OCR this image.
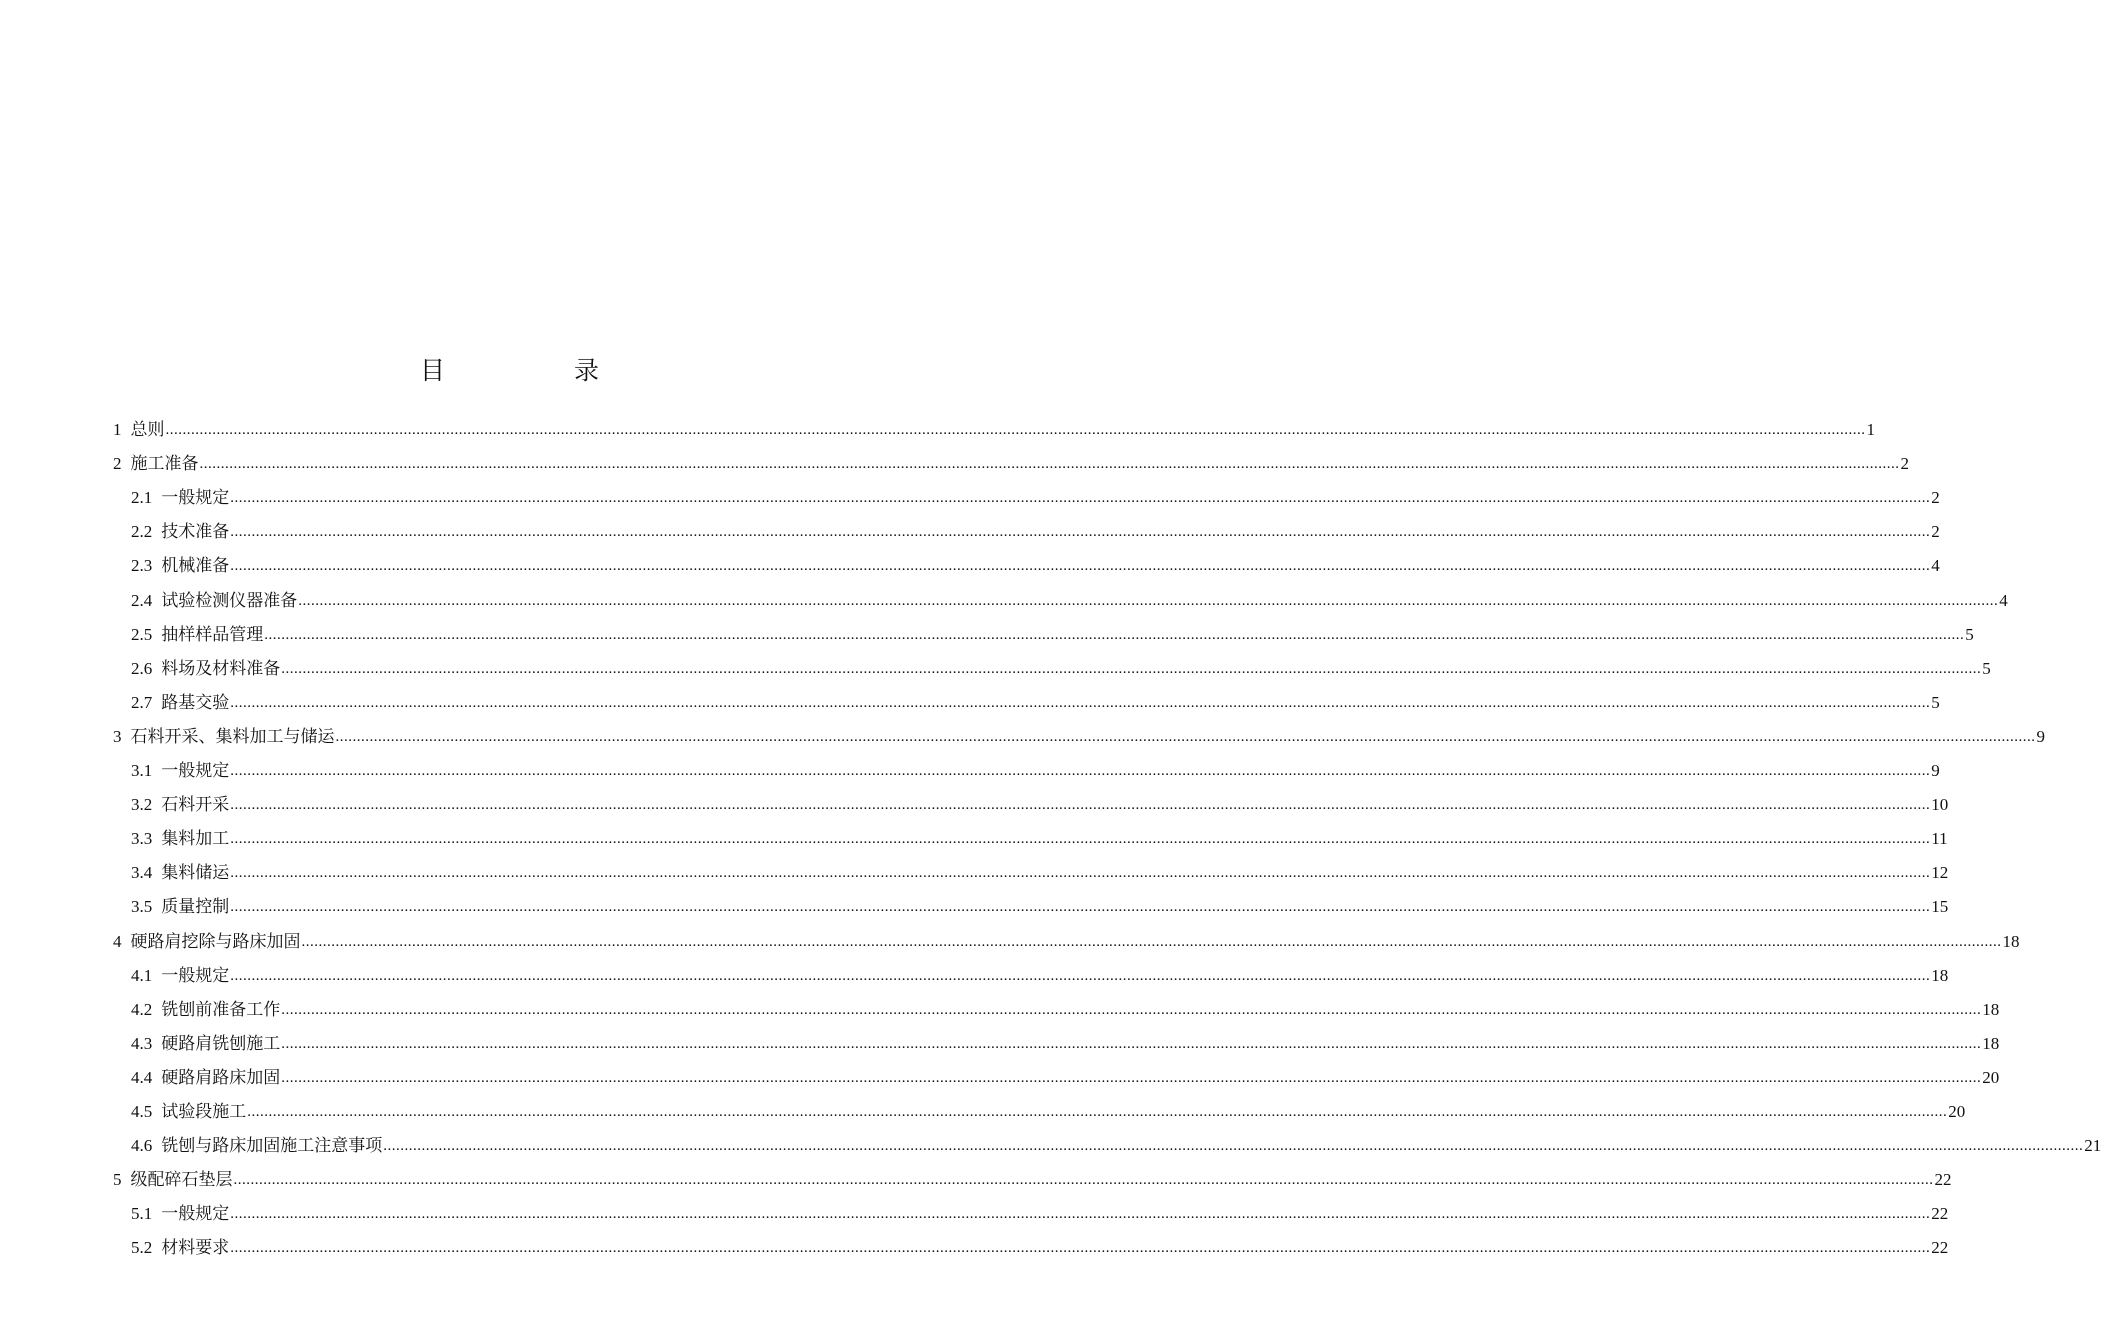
目	录
1 总则 ................................................................................................................................................................................................................................................................................................................................................................................................................ 1
2 施工准备 ................................................................................................................................................................................................................................................................................................................................................................................................................ 2
2.1 一般规定 ................................................................................................................................................................................................................................................................................................................................................................................................................ 2
2.2 技术准备 ................................................................................................................................................................................................................................................................................................................................................................................................................ 2
2.3 机械准备 ................................................................................................................................................................................................................................................................................................................................................................................................................ 4
2.4 试验检测仪器准备 ................................................................................................................................................................................................................................................................................................................................................................................................................ 4
2.5 抽样样品管理 ................................................................................................................................................................................................................................................................................................................................................................................................................ 5
2.6 料场及材料准备 ................................................................................................................................................................................................................................................................................................................................................................................................................ 5
2.7 路基交验 ................................................................................................................................................................................................................................................................................................................................................................................................................ 5
3 石料开采、集料加工与储运 ................................................................................................................................................................................................................................................................................................................................................................................................................ 9
3.1 一般规定 ................................................................................................................................................................................................................................................................................................................................................................................................................ 9
3.2 石料开采 ................................................................................................................................................................................................................................................................................................................................................................................................................ 10
3.3 集料加工 ................................................................................................................................................................................................................................................................................................................................................................................................................ 11
3.4 集料储运 ................................................................................................................................................................................................................................................................................................................................................................................................................ 12
3.5 质量控制 ................................................................................................................................................................................................................................................................................................................................................................................................................ 15
4 硬路肩挖除与路床加固 ................................................................................................................................................................................................................................................................................................................................................................................................................ 18
4.1 一般规定 ................................................................................................................................................................................................................................................................................................................................................................................................................ 18
4.2 铣刨前准备工作 ................................................................................................................................................................................................................................................................................................................................................................................................................ 18
4.3 硬路肩铣刨施工 ................................................................................................................................................................................................................................................................................................................................................................................................................ 18
4.4 硬路肩路床加固 ................................................................................................................................................................................................................................................................................................................................................................................................................ 20
4.5 试验段施工 ................................................................................................................................................................................................................................................................................................................................................................................................................ 20
4.6 铣刨与路床加固施工注意事项 ................................................................................................................................................................................................................................................................................................................................................................................................................ 21
5 级配碎石垫层 ................................................................................................................................................................................................................................................................................................................................................................................................................ 22
5.1 一般规定 ................................................................................................................................................................................................................................................................................................................................................................................................................ 22
5.2 材料要求 ................................................................................................................................................................................................................................................................................................................................................................................................................ 22
